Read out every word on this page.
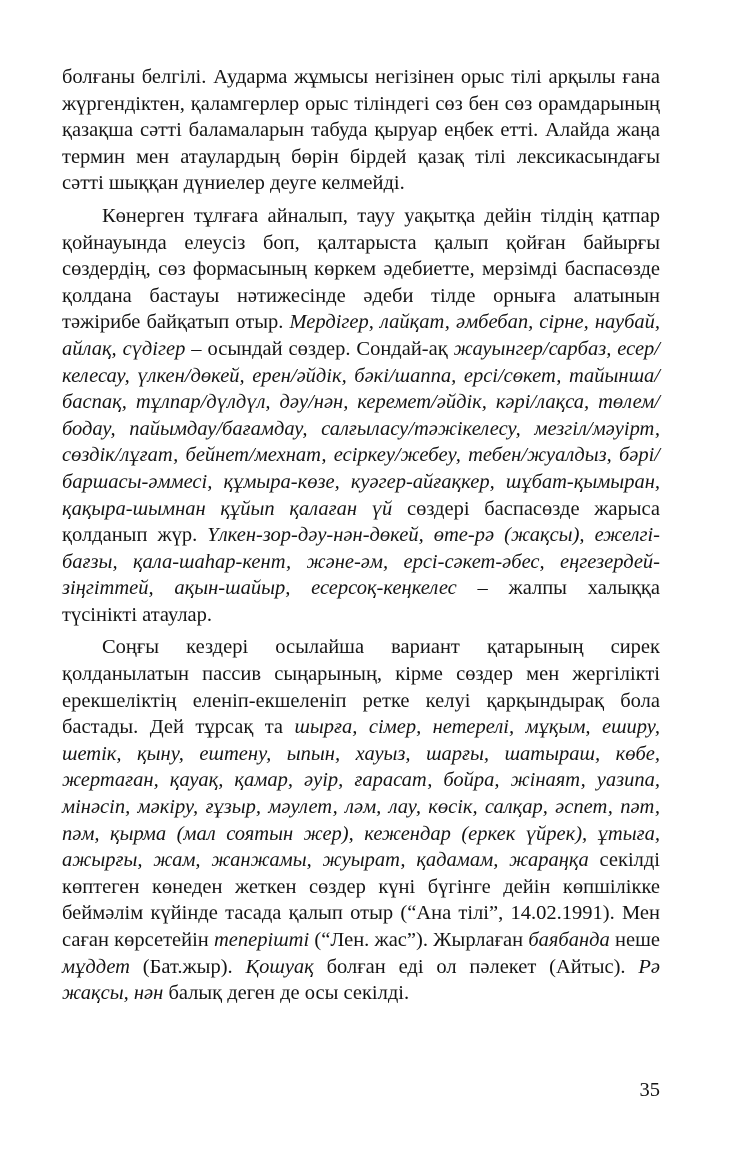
болғаны белгілі. Аударма жұмысы негізінен орыс тілі арқылы ғана жүргендіктен, қаламгерлер орыс тіліндегі сөз бен сөз орамдарының қазақша сәтті баламаларын табуда қыруар еңбек етті. Алайда жаңа термин мен атаулардың бөрін бірдей қазақ тілі лексикасындағы сәтті шыққан дүниелер деуге келмейді.

Көнерген тұлғаға айналып, тауу уақытқа дейін тілдің қатпар қойнауында елеусіз боп, қалтарыста қалып қойған байырғы сөздердің, сөз формасының көркем әдебиетте, мерзімді баспасөзде қолдана бастауы нәтижесінде әдеби тілде орнығa алатынын тәжірибе байқатып отыр. Мердігер, лайқат, әмбебап, сірне, наубай, айлақ, сүдігер – осындай сөздер. Сондай-ақ жауынгер/сарбаз, есер/келесау, үлкен/дөкей, ерен/әйдік, бәкі/шаппа, ерсі/сөкет, тайынша/баспақ, тұлпар/дүлдүл, дәу/нән, керемет/әйдік, кәрі/лақса, төлем/бодау, пайымдау/бағамдау, салғыласу/тәжікелесу, мезгіл/мәуірт, сөздік/лұғат, бейнет/мехнат, есіркеу/жебеу, тебен/жуалдыз, бәрі/баршасы-әммесі, құмыра-көзе, куәгер-айғақкер, шұбат-қымыран, қақыра-шымнан құйып қалаған үй сөздері баспасөзде жарыса қолданып жүр. Үлкен-зор-дәу-нән-дөкей, өте-рә (жақсы), ежелгі-бағзы, қала-шаһар-кент, және-әм, ерсі-сәкет-әбес, еңгезердей-зіңгіттей, ақын-шайыр, есерсоқ-кеңкелес – жалпы халыққа түсінікті атаулар.

Соңғы кездері осылайша вариант қатарының сирек қолданылатын пассив сыңарының, кірме сөздер мен жергілікті ерекшеліктің еленіп-екшеленіп ретке келуі қарқындырақ бола бастады. Дей тұрсақ та шырға, сімер, нетерелі, мұқым, еширу, шетік, қыну, ештену, ыпын, хауыз, шарғы, шатыраш, көбе, жертаған, қауақ, қамар, әуір, ғарасат, бойра, жінаят, уазипа, мінәсіп, мәкіру, ғұзыр, мәулет, ләм, лау, көсік, салқар, әспет, пәт, пәм, қырма (мал соятын жер), кежендар (еркек үйрек), ұтыға, ажырғы, жам, жанжамы, жуырат, қадамам, жараңқа секілді көптеген көнеден жеткен сөздер күні бүгінге дейін көпшілікке беймәлім күйінде тасада қалып отыр (“Ана тілі”, 14.02.1991). Мен саған көрсетейін тепеpішті (“Лен. жас”). Жырлаған баябанда неше мұддет (Бат.жыр). Қошуақ болған еді ол пәлекет (Айтыс). Рә жақсы, нән балық деген де осы секілді.

35
